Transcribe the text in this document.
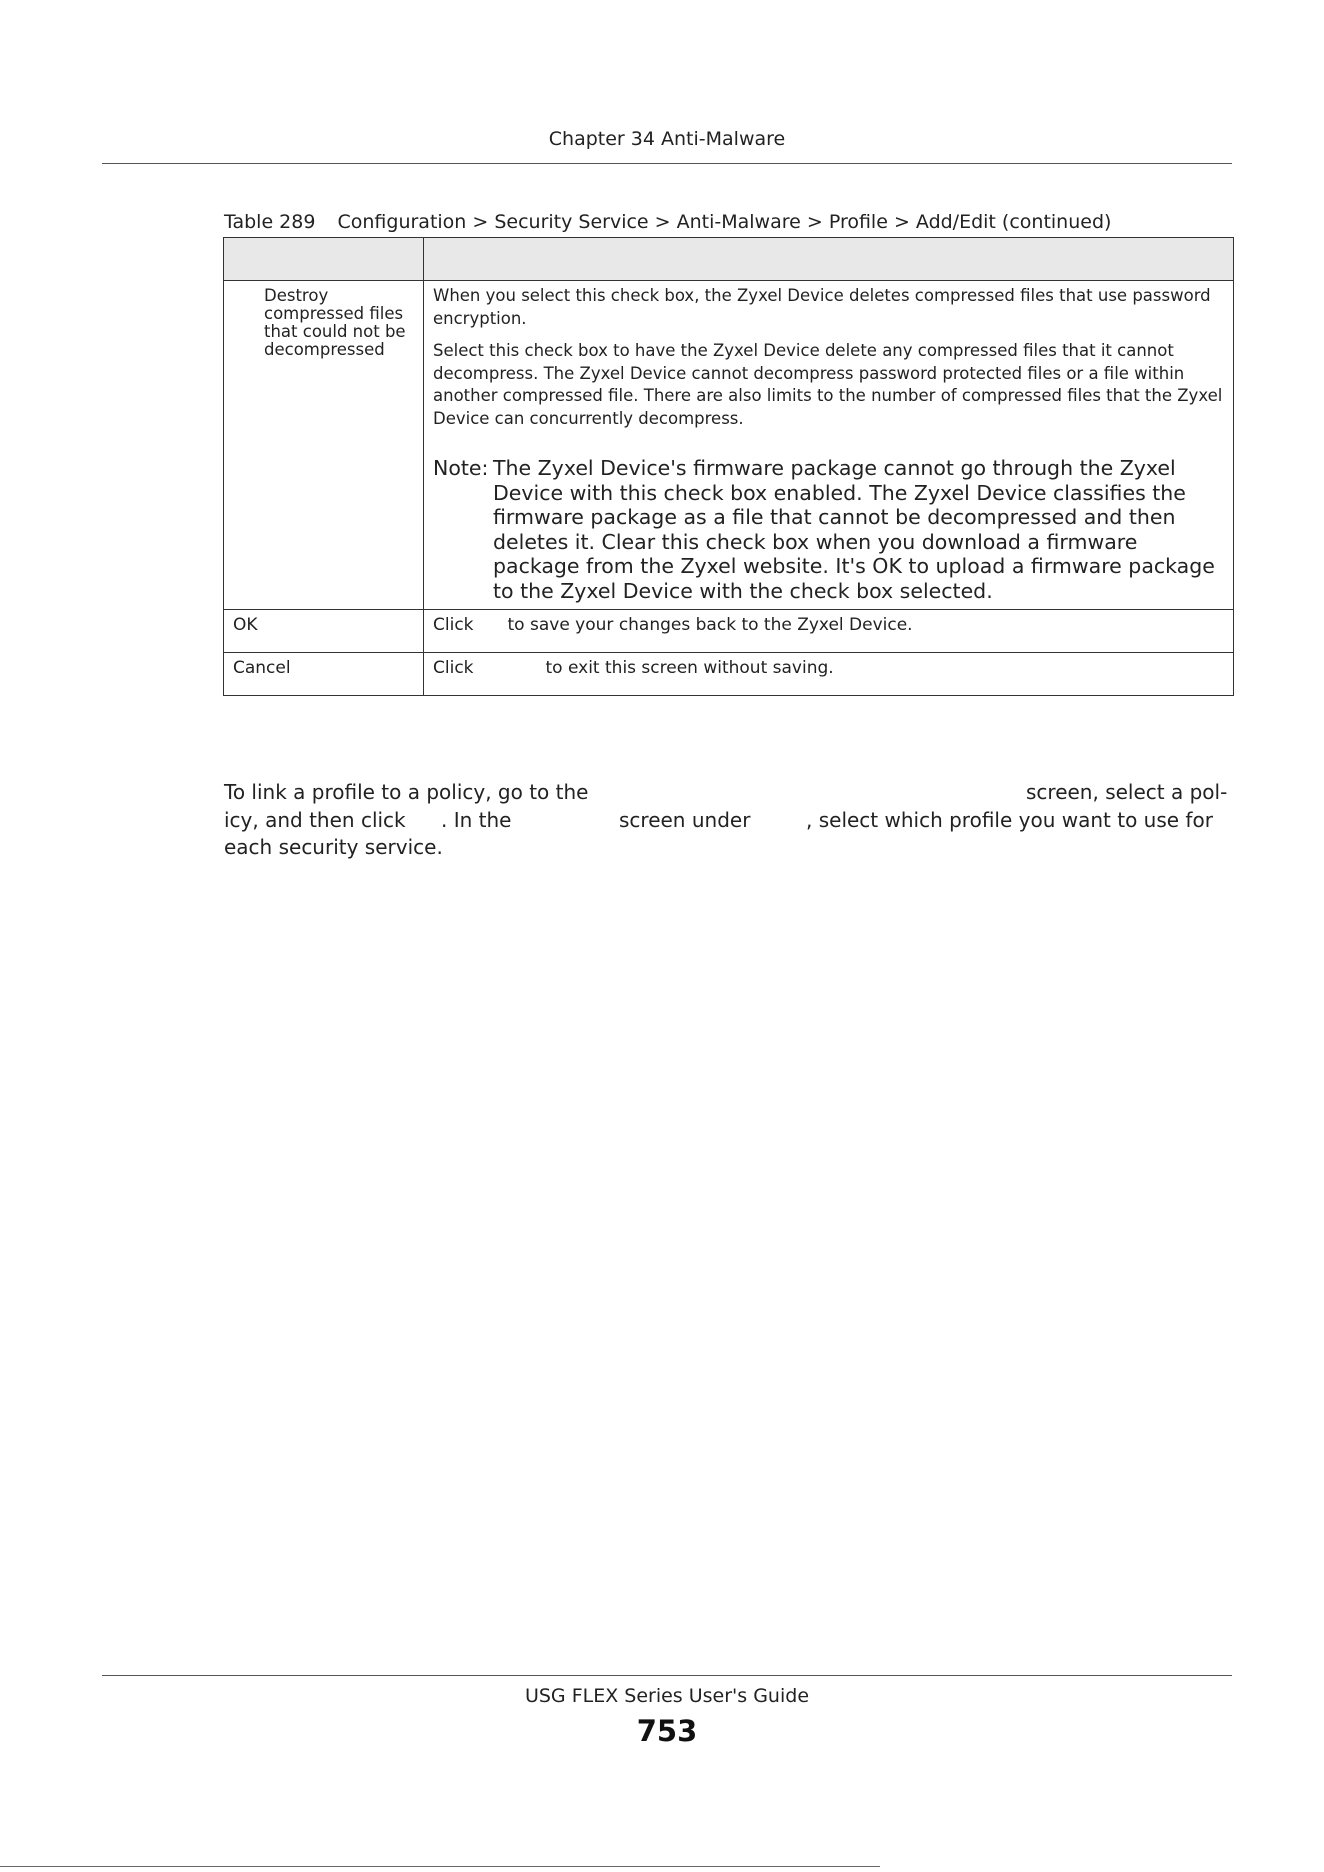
Chapter 34 Anti-Malware
Table 289 Configuration > Security Service > Anti-Malware > Profile > Add/Edit (continued)

Destroy compressed files that could not be decompressed	When you select this check box, the Zyxel Device deletes compressed files that use password encryption.

Select this check box to have the Zyxel Device delete any compressed files that it cannot decompress. The Zyxel Device cannot decompress password protected files or a file within another compressed file. There are also limits to the number of compressed files that the Zyxel Device can concurrently decompress.

Note: The Zyxel Device's firmware package cannot go through the Zyxel Device with this check box enabled. The Zyxel Device classifies the firmware package as a file that cannot be decompressed and then deletes it. Clear this check box when you download a firmware package from the Zyxel website. It's OK to upload a firmware package to the Zyxel Device with the check box selected.

OK	Click to save your changes back to the Zyxel Device.
Cancel	Click to exit this screen without saving.
To link a profile to a policy, go to the	screen, select a pol-
icy, and then click . In the	screen under	, select which profile you want to use for
each security service.
USG FLEX Series User's Guide
753
